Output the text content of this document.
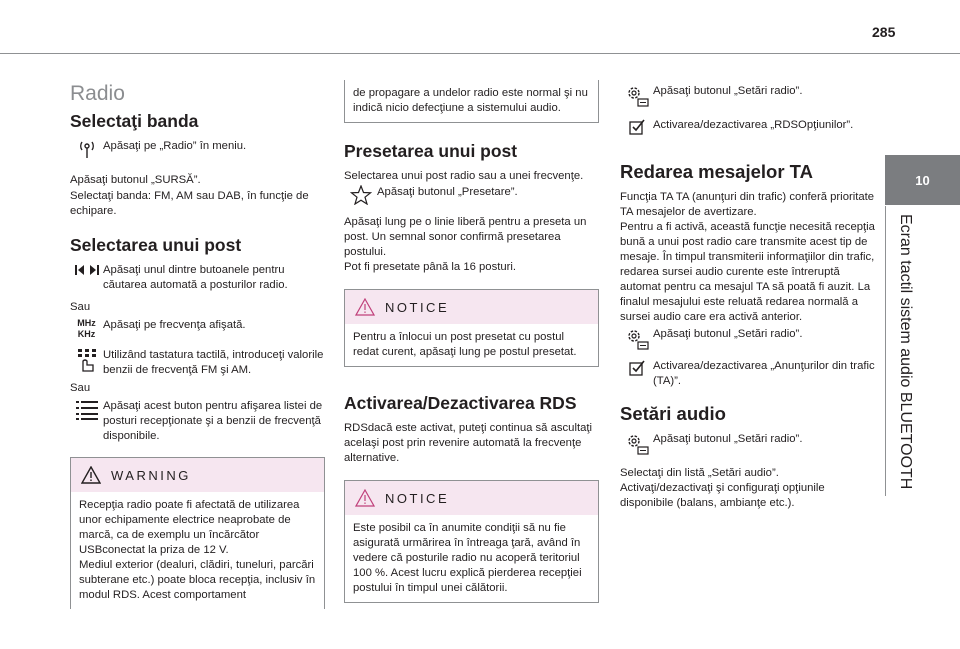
285
10
Ecran tactil sistem audio BLUETOOTH
Radio
Selectaţi banda

Apăsaţi pe „Radio” în meniu.

Apăsaţi butonul „SURSĂ”.

Selectaţi banda: FM, AM sau DAB, în funcţie de echipare.

Selectarea unui post

Apăsaţi unul dintre butoanele pentru căutarea automată a posturilor radio.

Sau

MHz KHz

Apăsaţi pe frecvenţa afişată.

Utilizând tastatura tactilă, introduceţi valorile benzii de frecvenţă FM şi AM.

Sau

Apăsaţi acest buton pentru afişarea listei de posturi recepţionate şi a benzii de frecvenţă disponibile.

WARNING
Recepţia radio poate fi afectată de utilizarea unor echipamente electrice neaprobate de marcă, ca de exemplu un încărcător USBconectat la priza de 12 V.
Mediul exterior (dealuri, clădiri, tuneluri, parcări subterane etc.) poate bloca recepţia, inclusiv în modul RDS. Acest comportament
de propagare a undelor radio este normal şi nu indică nicio defecţiune a sistemului audio.
Presetarea unui post

Selectarea unui post radio sau a unei frecvenţe.

Apăsaţi butonul „Presetare”.

Apăsaţi lung pe o linie liberă pentru a preseta un post. Un semnal sonor confirmă presetarea postului.
Pot fi presetate până la 16 posturi.

NOTICE
Pentru a înlocui un post presetat cu postul redat curent, apăsaţi lung pe postul presetat.
Activarea/Dezactivarea RDS

RDSdacă este activat, puteţi continua să ascultaţi acelaşi post prin revenire automată la frecvenţe alternative.

NOTICE
Este posibil ca în anumite condiţii să nu fie asigurată urmărirea în întreaga ţară, având în vedere că posturile radio nu acoperă teritoriul 100 %. Acest lucru explică pierderea recepţiei postului în timpul unei călătorii.

Apăsaţi butonul „Setări radio”.

Activarea/dezactivarea „RDSOpţiunilor”.

Redarea mesajelor TA

Funcţia TA TA (anunţuri din trafic) conferă prioritate TA mesajelor de avertizare.
Pentru a fi activă, această funcţie necesită recepţia bună a unui post radio care transmite acest tip de mesaje. În timpul transmiterii informaţiilor din trafic, redarea sursei audio curente este întreruptă automat pentru ca mesajul TA să poată fi auzit. La finalul mesajului este reluată redarea normală a sursei audio care era activă anterior.

Apăsaţi butonul „Setări radio”.

Activarea/dezactivarea „Anunţurilor din trafic (TA)”.

Setări audio

Apăsaţi butonul „Setări radio”.

Selectaţi din listă „Setări audio”.
Activaţi/dezactivaţi şi configuraţi opţiunile disponibile (balans, ambianţe etc.).
